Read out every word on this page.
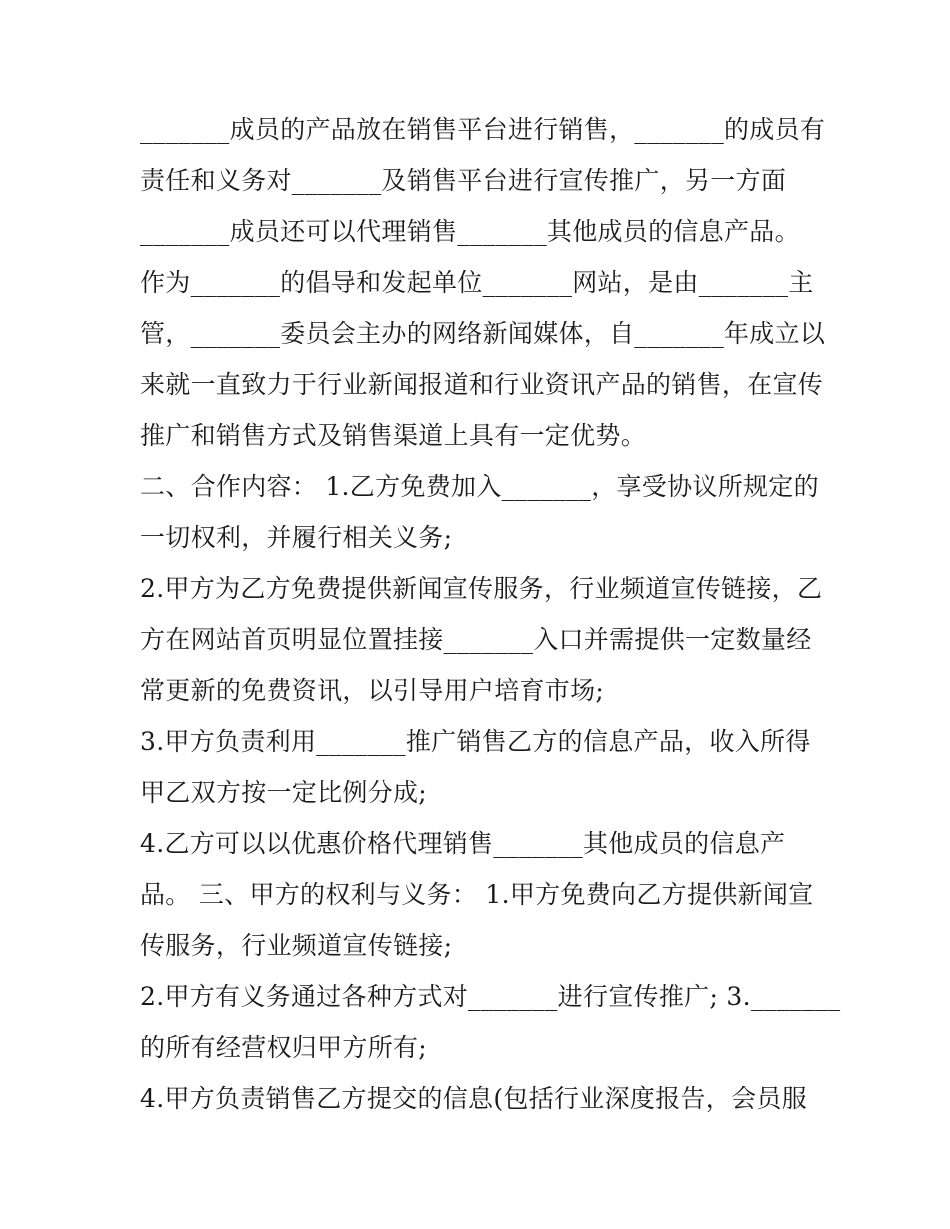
_______成员的产品放在销售平台进行销售，_______的成员有
责任和义务对_______及销售平台进行宣传推广，另一方面
_______成员还可以代理销售_______其他成员的信息产品。
作为_______的倡导和发起单位_______网站，是由_______主
管，_______委员会主办的网络新闻媒体，自_______年成立以
来就一直致力于行业新闻报道和行业资讯产品的销售，在宣传
推广和销售方式及销售渠道上具有一定优势。
二、合作内容： 1.乙方免费加入_______，享受协议所规定的
一切权利，并履行相关义务;
2.甲方为乙方免费提供新闻宣传服务，行业频道宣传链接，乙
方在网站首页明显位置挂接_______入口并需提供一定数量经
常更新的免费资讯，以引导用户培育市场;
3.甲方负责利用_______推广销售乙方的信息产品，收入所得
甲乙双方按一定比例分成;
4.乙方可以以优惠价格代理销售_______其他成员的信息产
品。 三、甲方的权利与义务： 1.甲方免费向乙方提供新闻宣
传服务，行业频道宣传链接;
2.甲方有义务通过各种方式对_______进行宣传推广; 3._______
的所有经营权归甲方所有;
4.甲方负责销售乙方提交的信息(包括行业深度报告，会员服
